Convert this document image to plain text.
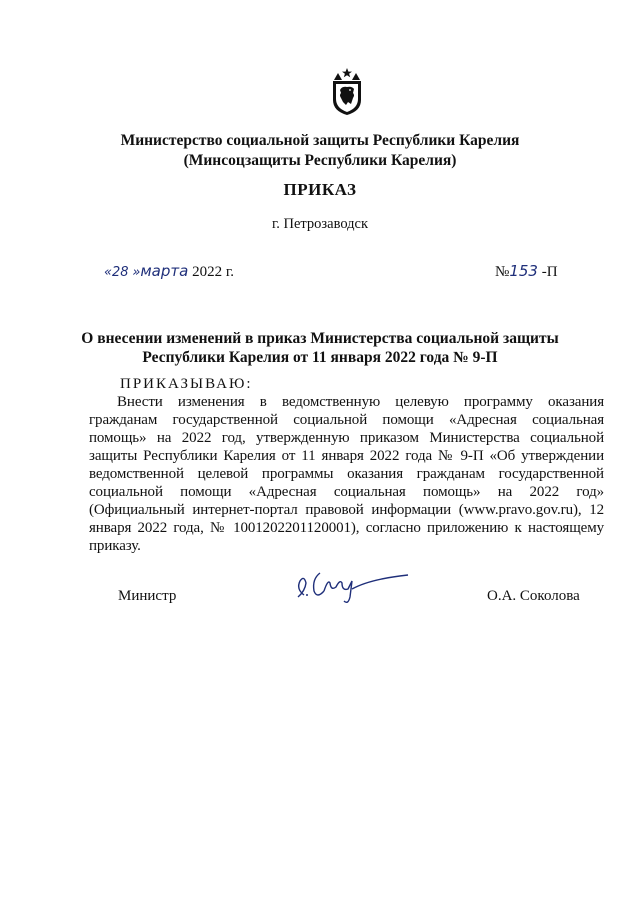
Министерство социальной защиты Республики Карелия
(Минсоцзащиты Республики Карелия)
ПРИКАЗ
г. Петрозаводск
«28 »марта 2022 г.	№153 -П
О внесении изменений в приказ Министерства социальной защиты
Республики Карелия от 11 января 2022 года № 9-П
ПРИКАЗЫВАЮ:
Внести изменения в ведомственную целевую программу оказания гражданам государственной социальной помощи «Адресная социальная помощь» на 2022 год, утвержденную приказом Министерства социальной защиты Республики Карелия от 11 января 2022 года № 9-П «Об утверждении ведомственной целевой программы оказания гражданам государственной социальной помощи «Адресная социальная помощь» на 2022 год» (Официальный интернет-портал правовой информации (www.pravo.gov.ru), 12 января 2022 года, № 1001202201120001), согласно приложению к настоящему приказу.
Министр	О.А. Соколова
